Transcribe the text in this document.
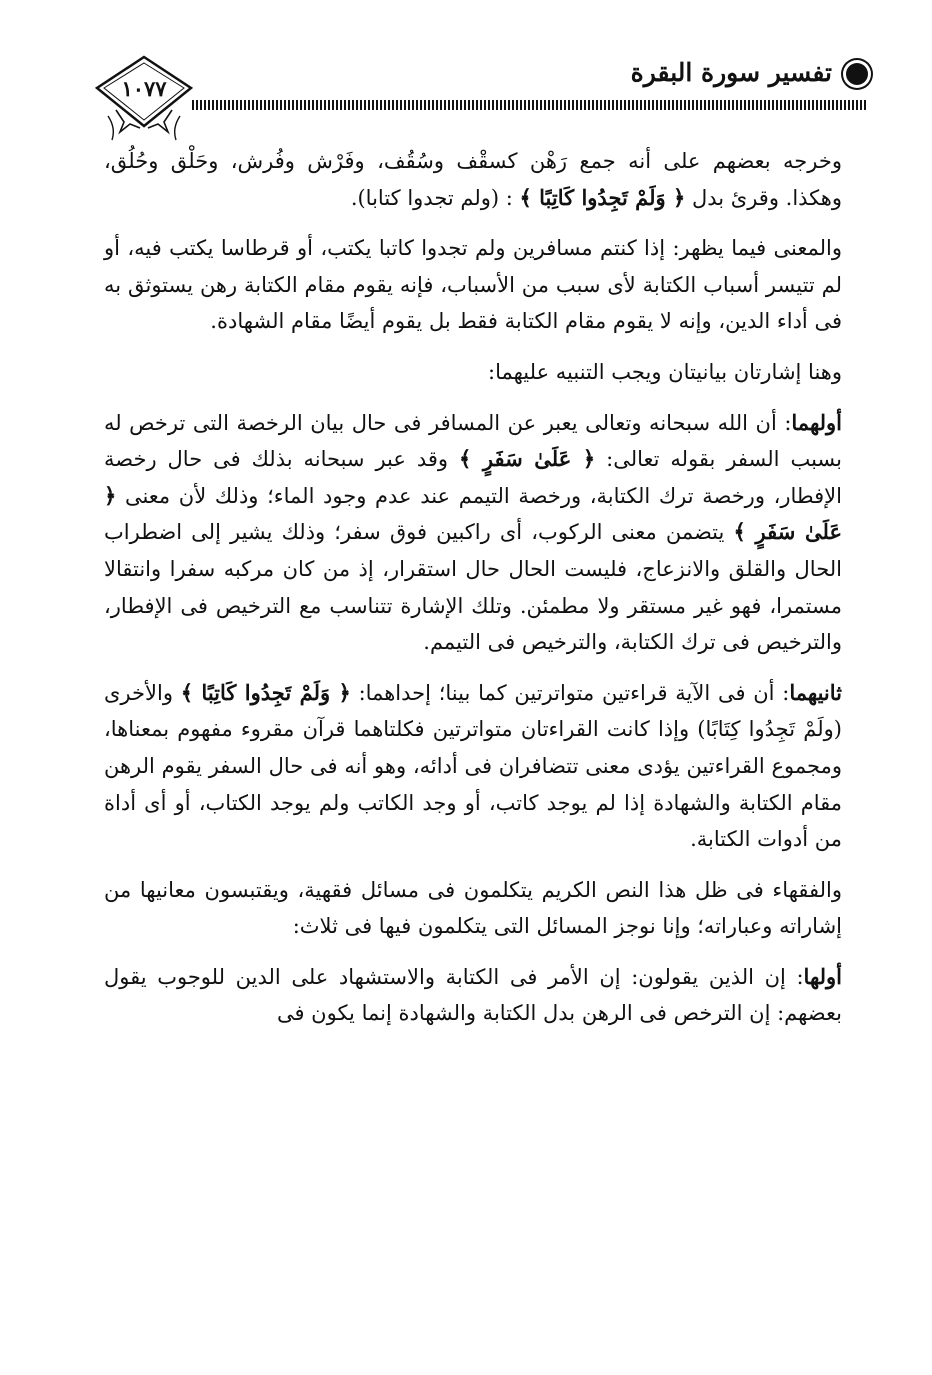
تفسير سورة البقرة
١٠٧٧

وخرجه بعضهم على أنه جمع رَهْن كسقْف وسُقُف، وفَرْش وفُرش، وحَلْق وحُلُق، وهكذا. وقرئ بدل ﴿ وَلَمْ تَجِدُوا كَاتِبًا ﴾ : (ولم تجدوا كتابا).

والمعنى فيما يظهر: إذا كنتم مسافرين ولم تجدوا كاتبا يكتب، أو قرطاسا يكتب فيه، أو لم تتيسر أسباب الكتابة لأى سبب من الأسباب، فإنه يقوم مقام الكتابة رهن يستوثق به فى أداء الدين، وإنه لا يقوم مقام الكتابة فقط بل يقوم أيضًا مقام الشهادة.

وهنا إشارتان بيانيتان ويجب التنبيه عليهما:

أولهما: أن الله سبحانه وتعالى يعبر عن المسافر فى حال بيان الرخصة التى ترخص له بسبب السفر بقوله تعالى: ﴿ عَلَىٰ سَفَرٍ ﴾ وقد عبر سبحانه بذلك فى حال رخصة الإفطار، ورخصة ترك الكتابة، ورخصة التيمم عند عدم وجود الماء؛ وذلك لأن معنى ﴿ عَلَىٰ سَفَرٍ ﴾ يتضمن معنى الركوب، أى راكبين فوق سفر؛ وذلك يشير إلى اضطراب الحال والقلق والانزعاج، فليست الحال حال استقرار، إذ من كان مركبه سفرا وانتقالا مستمرا، فهو غير مستقر ولا مطمئن. وتلك الإشارة تتناسب مع الترخيص فى الإفطار، والترخيص فى ترك الكتابة، والترخيص فى التيمم.

ثانيهما: أن فى الآية قراءتين متواترتين كما بينا؛ إحداهما: ﴿ وَلَمْ تَجِدُوا كَاتِبًا ﴾ والأخرى (ولَمْ تَجِدُوا كِتَابًا) وإذا كانت القراءتان متواترتين فكلتاهما قرآن مقروء مفهوم بمعناها، ومجموع القراءتين يؤدى معنى تتضافران فى أدائه، وهو أنه فى حال السفر يقوم الرهن مقام الكتابة والشهادة إذا لم يوجد كاتب، أو وجد الكاتب ولم يوجد الكتاب، أو أى أداة من أدوات الكتابة.

والفقهاء فى ظل هذا النص الكريم يتكلمون فى مسائل فقهية، ويقتبسون معانيها من إشاراته وعباراته؛ وإنا نوجز المسائل التى يتكلمون فيها فى ثلاث:

أولها: إن الذين يقولون: إن الأمر فى الكتابة والاستشهاد على الدين للوجوب يقول بعضهم: إن الترخص فى الرهن بدل الكتابة والشهادة إنما يكون فى
